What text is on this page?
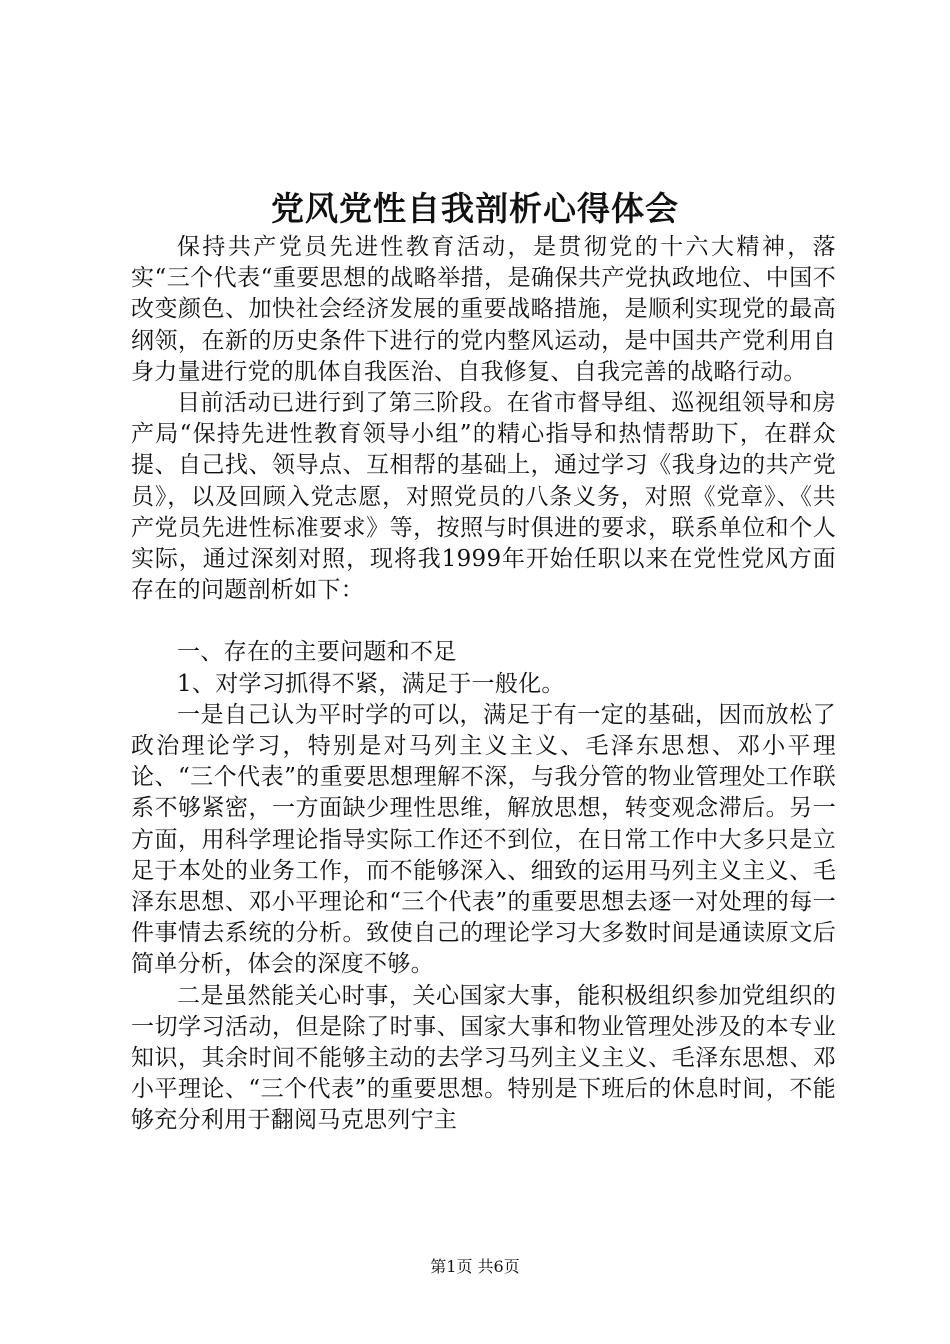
党风党性自我剖析心得体会

保持共产党员先进性教育活动，是贯彻党的十六大精神，落实“三个代表“重要思想的战略举措，是确保共产党执政地位、中国不改变颜色、加快社会经济发展的重要战略措施，是顺利实现党的最高纲领，在新的历史条件下进行的党内整风运动，是中国共产党利用自身力量进行党的肌体自我医治、自我修复、自我完善的战略行动。

目前活动已进行到了第三阶段。在省市督导组、巡视组领导和房产局“保持先进性教育领导小组”的精心指导和热情帮助下，在群众提、自己找、领导点、互相帮的基础上，通过学习《我身边的共产党员》，以及回顾入党志愿，对照党员的八条义务，对照《党章》、《共产党员先进性标准要求》等，按照与时俱进的要求，联系单位和个人实际，通过深刻对照，现将我1999年开始任职以来在党性党风方面存在的问题剖析如下：

一、存在的主要问题和不足

1、对学习抓得不紧，满足于一般化。

一是自己认为平时学的可以，满足于有一定的基础，因而放松了政治理论学习，特别是对马列主义主义、毛泽东思想、邓小平理论、“三个代表”的重要思想理解不深，与我分管的物业管理处工作联系不够紧密，一方面缺少理性思维，解放思想，转变观念滞后。另一方面，用科学理论指导实际工作还不到位，在日常工作中大多只是立足于本处的业务工作，而不能够深入、细致的运用马列主义主义、毛泽东思想、邓小平理论和“三个代表”的重要思想去逐一对处理的每一件事情去系统的分析。致使自己的理论学习大多数时间是通读原文后简单分析，体会的深度不够。

二是虽然能关心时事，关心国家大事，能积极组织参加党组织的一切学习活动，但是除了时事、国家大事和物业管理处涉及的本专业知识，其余时间不能够主动的去学习马列主义主义、毛泽东思想、邓小平理论、“三个代表”的重要思想。特别是下班后的休息时间，不能够充分利用于翻阅马克思列宁主

第1页 共6页
